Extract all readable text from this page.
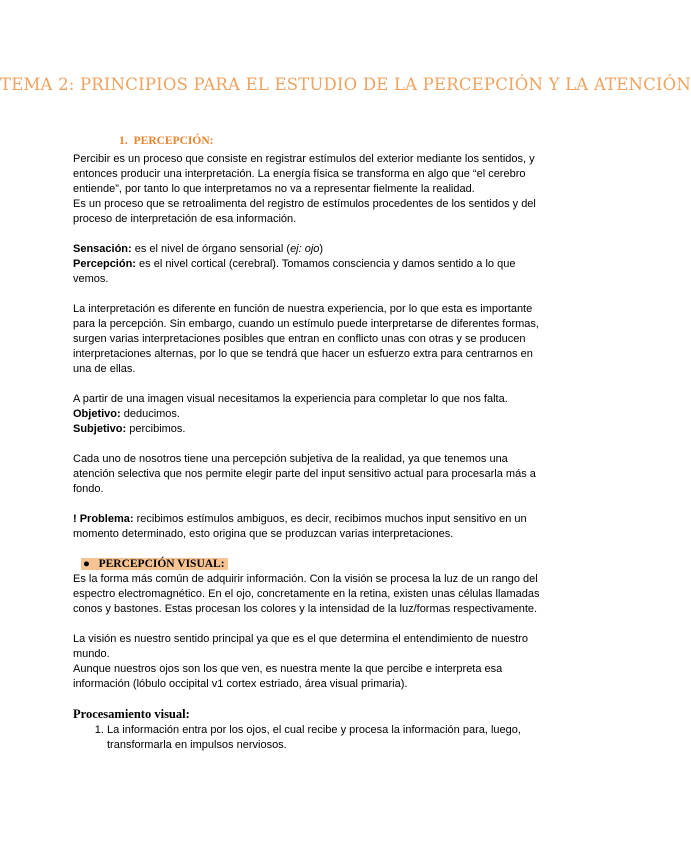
TEMA 2: PRINCIPIOS PARA EL ESTUDIO DE LA PERCEPCIÓN Y LA ATENCIÓN
1. PERCEPCIÓN:

Percibir es un proceso que consiste en registrar estímulos del exterior mediante los sentidos, y entonces producir una interpretación. La energía física se transforma en algo que “el cerebro entiende”, por tanto lo que interpretamos no va a representar fielmente la realidad.

Es un proceso que se retroalimenta del registro de estímulos procedentes de los sentidos y del proceso de interpretación de esa información.

Sensación: es el nivel de órgano sensorial (ej: ojo)

Percepción: es el nivel cortical (cerebral). Tomamos consciencia y damos sentido a lo que vemos.

La interpretación es diferente en función de nuestra experiencia, por lo que esta es importante para la percepción. Sin embargo, cuando un estímulo puede interpretarse de diferentes formas, surgen varias interpretaciones posibles que entran en conflicto unas con otras y se producen interpretaciones alternas, por lo que se tendrá que hacer un esfuerzo extra para centrarnos en una de ellas.

A partir de una imagen visual necesitamos la experiencia para completar lo que nos falta.

Objetivo: deducimos.

Subjetivo: percibimos.

Cada uno de nosotros tiene una percepción subjetiva de la realidad, ya que tenemos una atención selectiva que nos permite elegir parte del input sensitivo actual para procesarla más a fondo.

! Problema: recibimos estímulos ambiguos, es decir, recibimos muchos input sensitivo en un momento determinado, esto origina que se produzcan varias interpretaciones.

● PERCEPCIÓN VISUAL:

Es la forma más común de adquirir información. Con la visión se procesa la luz de un rango del espectro electromagnético. En el ojo, concretamente en la retina, existen unas células llamadas conos y bastones. Estas procesan los colores y la intensidad de la luz/formas respectivamente.

La visión es nuestro sentido principal ya que es el que determina el entendimiento de nuestro mundo.

Aunque nuestros ojos son los que ven, es nuestra mente la que percibe e interpreta esa información (lóbulo occipital v1 cortex estriado, área visual primaria).

Procesamiento visual:
1. La información entra por los ojos, el cual recibe y procesa la información para, luego, transformarla en impulsos nerviosos.
